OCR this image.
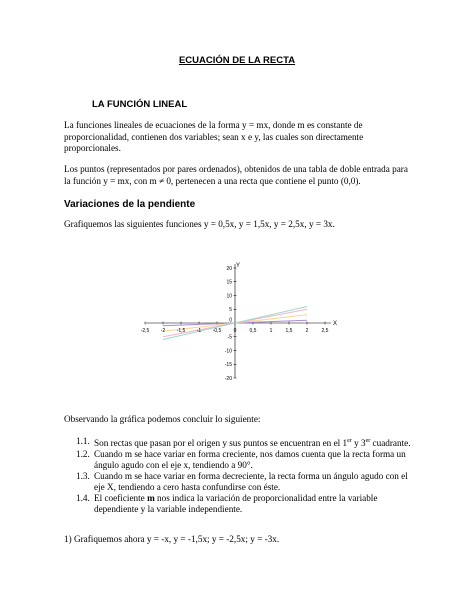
ECUACIÓN DE LA RECTA
LA FUNCIÓN LINEAL
La funciones lineales de ecuaciones de la forma y = mx, donde m es constante de proporcionalidad, contienen dos variables; sean x e y, las cuales son directamente proporcionales.
Los puntos (representados por pares ordenados), obtenidos de una tabla de doble entrada para la función y = mx, con m ≠ 0, pertenecen a una recta que contiene el punto (0,0).
Variaciones de la pendiente
Grafiquemos las siguientes funciones y = 0,5x, y = 1,5x, y = 2,5x, y = 3x.
-2,5 -2 -1,5 -1 -0,5 0	0,5	1	1,5	2	2,5
20
15
10
5
-5
-10
-15
-20
0
X
Y
Observando la gráfica podemos concluir lo siguiente:
1.1. Son rectas que pasan por el origen y sus puntos se encuentran en el 1er y 3er cuadrante.
1.2. Cuando m se hace variar en forma creciente, nos damos cuenta que la recta forma un ángulo agudo con el eje x, tendiendo a 90°.
1.3. Cuando m se hace variar en forma decreciente, la recta forma un ángulo agudo con el eje X, tendiendo a cero hasta confundirse con éste.
1.4. El coeficiente m nos indica la variación de proporcionalidad entre la variable dependiente y la variable independiente.
1) Grafiquemos ahora y = -x, y = -1,5x; y = -2,5x; y = -3x.
